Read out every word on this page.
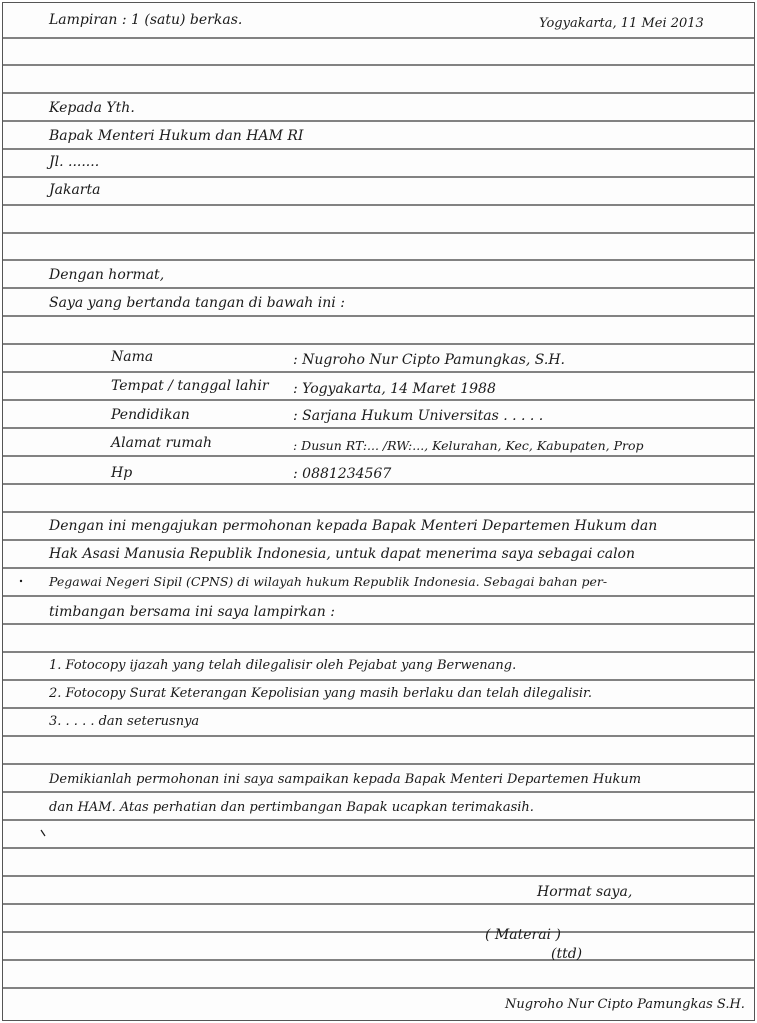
Lampiran : 1 (satu) berkas.	Yogyakarta, 11 Mei 2013
Kepada Yth.
Bapak Menteri Hukum dan HAM RI
Jl. .......
Jakarta
Dengan hormat,
Saya yang bertanda tangan di bawah ini :
Nama	: Nugroho Nur Cipto Pamungkas, S.H.
Tempat / tanggal lahir : Yogyakarta, 14 Maret 1988
Pendidikan	: Sarjana Hukum Universitas . . . . .
Alamat rumah	: Dusun RT:... /RW:..., Kelurahan, Kec, Kabupaten, Prop
Hp	: 0881234567
Dengan ini mengajukan permohonan kepada Bapak Menteri Departemen Hukum dan
Hak Asasi Manusia Republik Indonesia, untuk dapat menerima saya sebagai calon
Pegawai Negeri Sipil (CPNS) di wilayah hukum Republik Indonesia. Sebagai bahan per-
timbangan bersama ini saya lampirkan :
1. Fotocopy ijazah yang telah dilegalisir oleh Pejabat yang Berwenang.
2. Fotocopy Surat Keterangan Kepolisian yang masih berlaku dan telah dilegalisir.
3. . . . . dan seterusnya
Demikianlah permohonan ini saya sampaikan kepada Bapak Menteri Departemen Hukum
dan HAM. Atas perhatian dan pertimbangan Bapak ucapkan terimakasih.
Hormat saya,
( Materai )
(ttd)
Nugroho Nur Cipto Pamungkas S.H.
